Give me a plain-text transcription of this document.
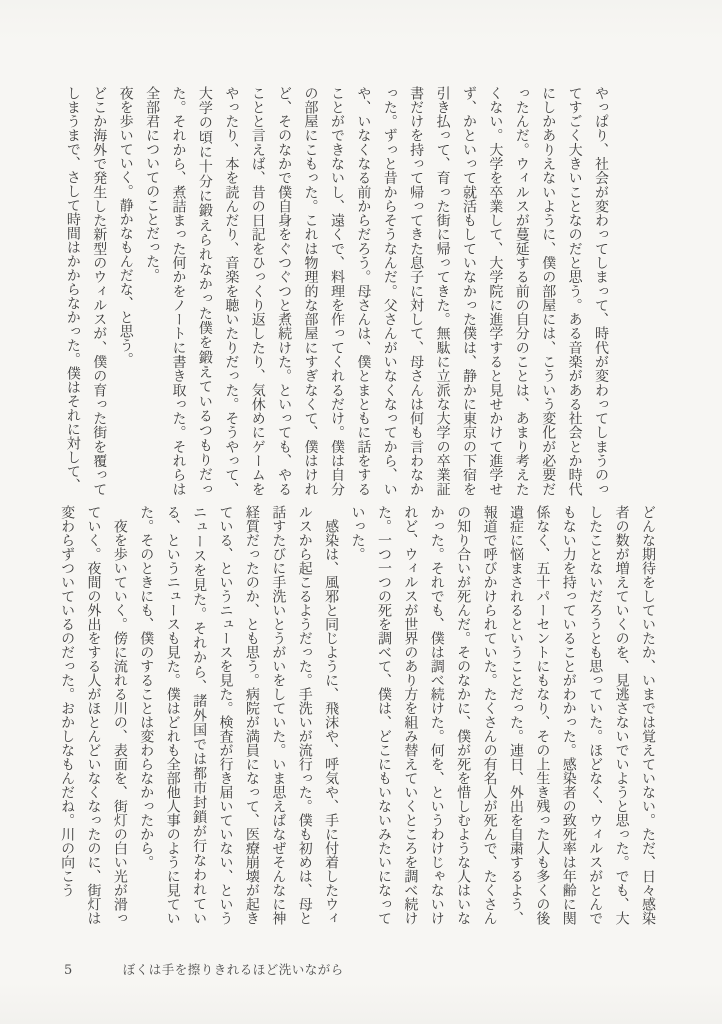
やっぱり、社会が変わってしまって、時代が変わってしまうのってすごく大きいことなのだと思う。ある音楽がある社会とか時代にしかありえないように、僕の部屋には、こういう変化が必要だったんだ。ウィルスが蔓延する前の自分のことは、あまり考えたくない。大学を卒業して、大学院に進学すると見せかけて進学せず、かといって就活もしていなかった僕は、静かに東京の下宿を引き払って、育った街に帰ってきた。無駄に立派な大学の卒業証書だけを持って帰ってきた息子に対して、母さんは何も言わなかった。ずっと昔からそうなんだ。父さんがいなくなってから、いや、いなくなる前からだろう。母さんは、僕とまともに話をすることができないし、遠くで、料理を作ってくれるだけ。僕は自分の部屋にこもった。これは物理的な部屋にすぎなくて、僕はけれど、そのなかで僕自身をぐつぐつと煮続けた。といっても、やることと言えば、昔の日記をひっくり返したり、気休めにゲームをやったり、本を読んだり、音楽を聴いたりだった。そうやって、大学の頃に十分に鍛えられなかった僕を鍛えているつもりだった。それから、煮詰まった何かをノートに書き取った。それらは全部君についてのことだった。

夜を歩いていく。静かなもんだな、と思う。

どこか海外で発生した新型のウィルスが、僕の育った街を覆ってしまうまで、さして時間はかからなかった。僕はそれに対して、

どんな期待をしていたか、いまでは覚えていない。ただ、日々感染者の数が増えていくのを、見逃さないでいようと思った。でも、大したことないだろうとも思っていた。ほどなく、ウィルスがとんでもない力を持っていることがわかった。感染者の致死率は年齢に関係なく、五十パーセントにもなり、その上生き残った人も多くの後遺症に悩まされるということだった。連日、外出を自粛するよう、報道で呼びかけられていた。たくさんの有名人が死んで、たくさんの知り合いが死んだ。そのなかに、僕が死を惜しむような人はいなかった。それでも、僕は調べ続けた。何を、というわけじゃないけれど、ウィルスが世界のあり方を組み替えていくところを調べ続けた。一つ一つの死を調べて、僕は、どこにもいないみたいになっていった。

　感染は、風邪と同じように、飛沫や、呼気や、手に付着したウィルスから起こるようだった。手洗いが流行った。僕も初めは、母と話すたびに手洗いとうがいをしていた。いま思えばなぜそんなに神経質だったのか、とも思う。病院が満員になって、医療崩壊が起きている、というニュースを見た。検査が行き届いていない、というニュースを見た。それから、諸外国では都市封鎖が行なわれている、というニュースも見た。僕はどれも全部他人事のように見ていた。そのときにも、僕のすることは変わらなかったから。

　夜を歩いていく。傍に流れる川の、表面を、街灯の白い光が滑っていく。夜間の外出をする人がほとんどいなくなったのに、街灯は変わらずついているのだった。おかしなもんだね。川の向こう

5	ぼくは手を擦りきれるほど洗いながら
